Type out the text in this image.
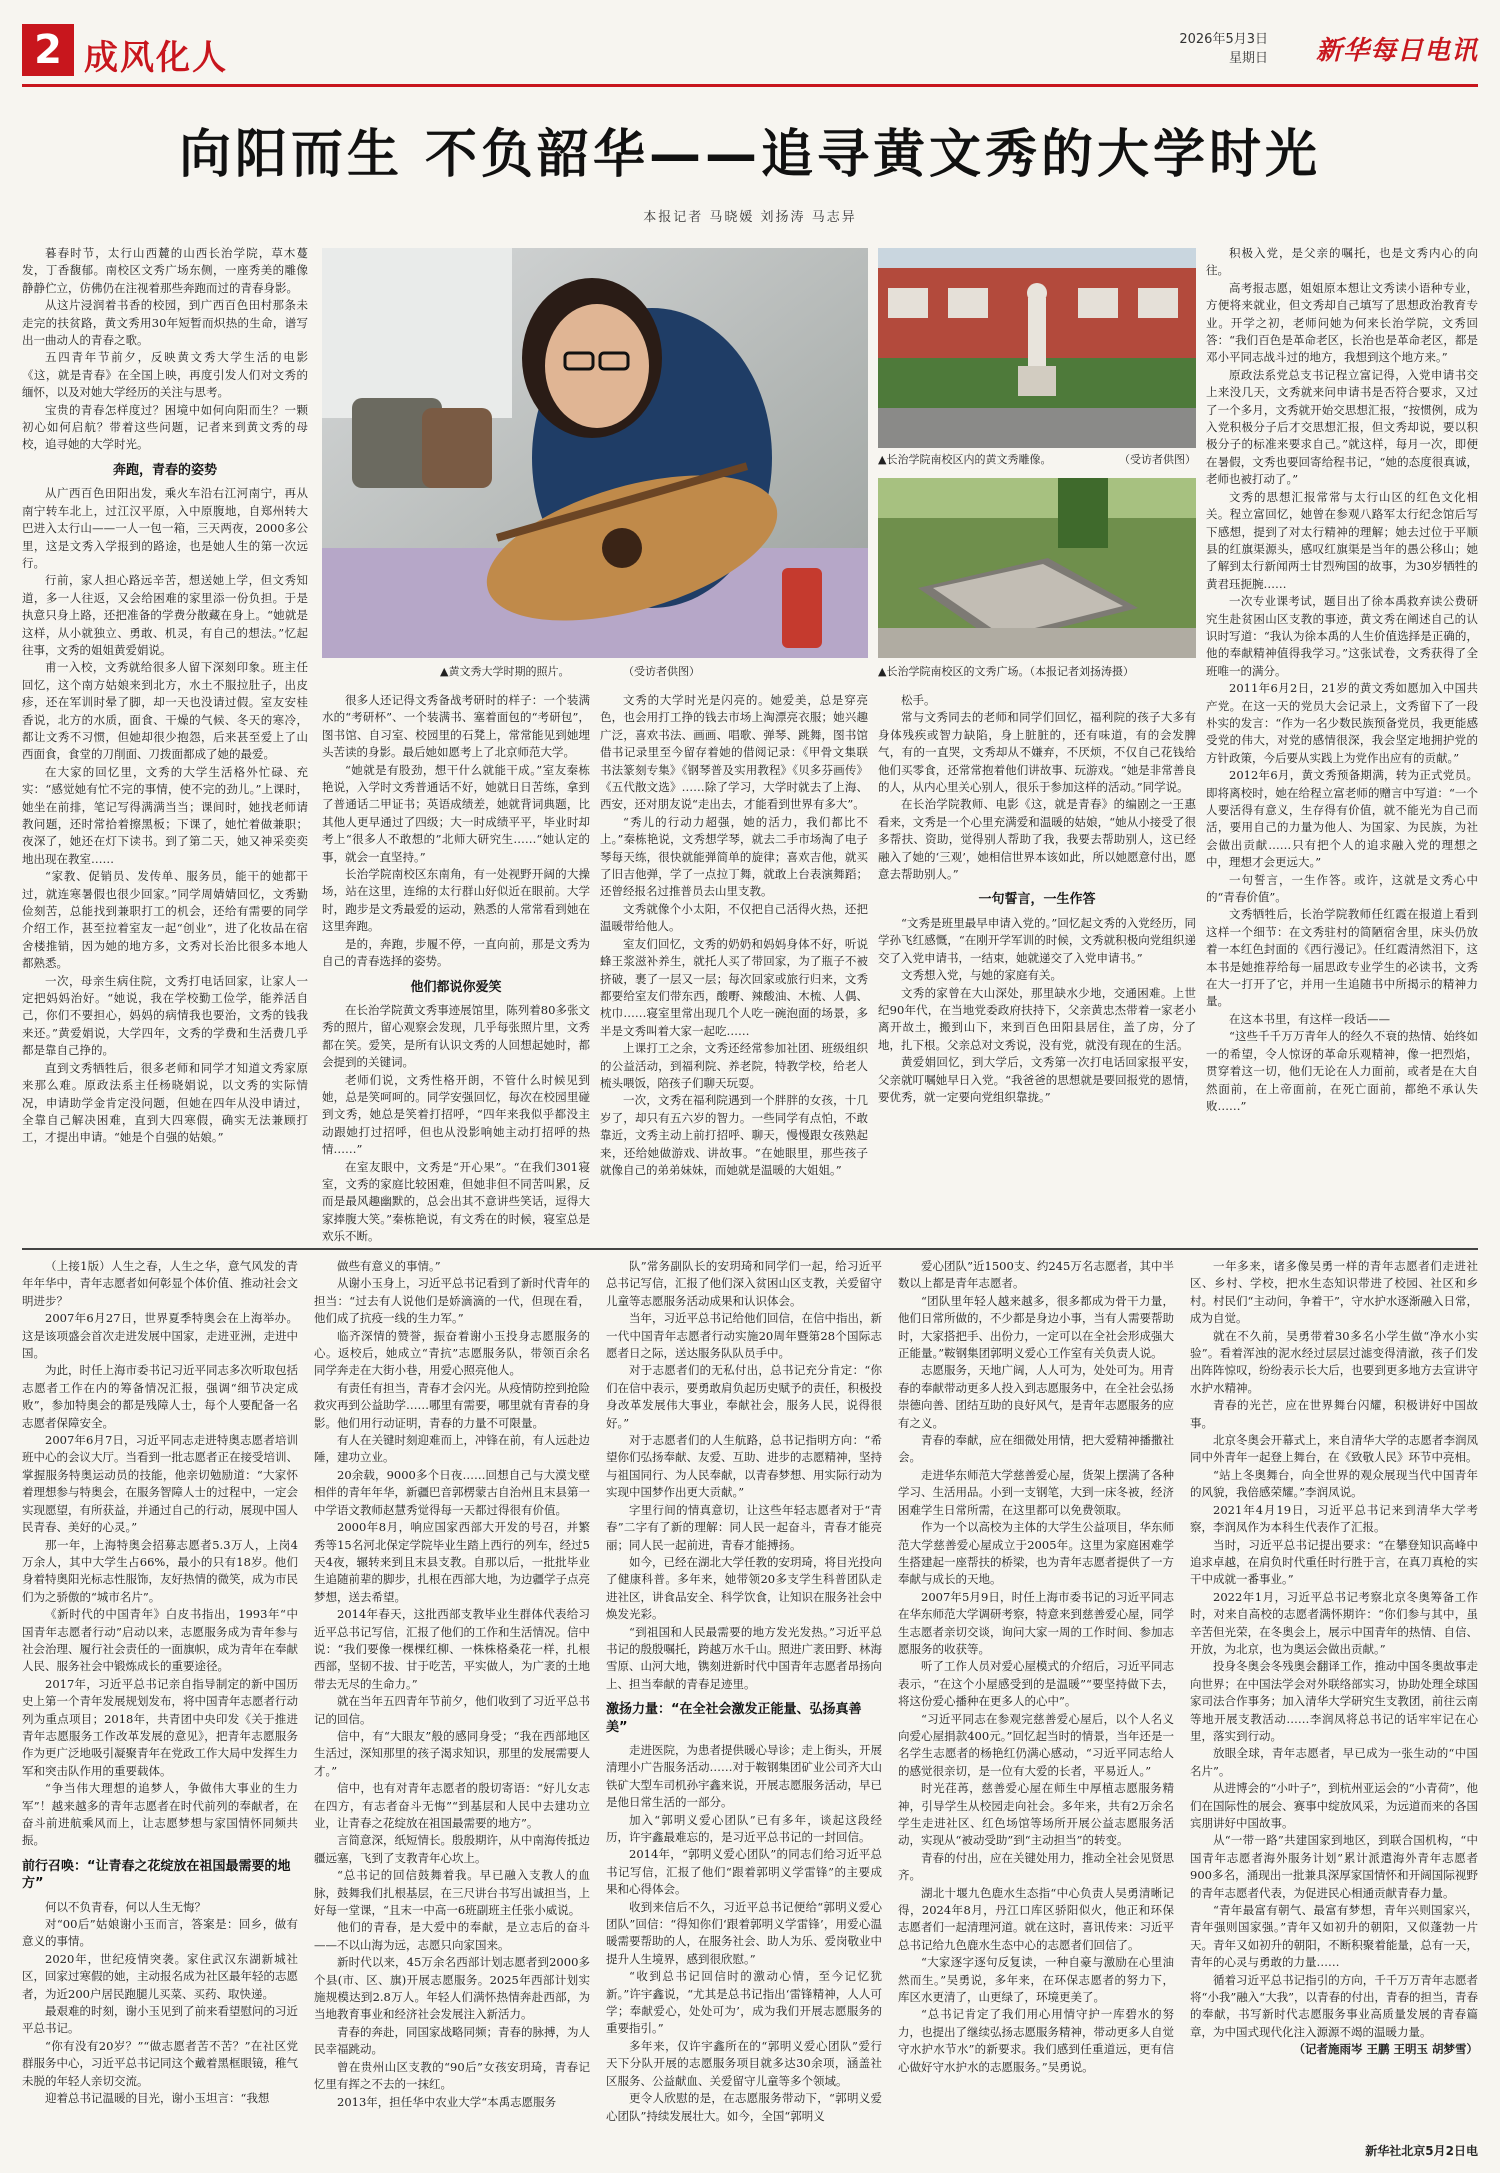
2 成风化人	2026年5月3日
星期日 新华每日电讯
向阳而生 不负韶华——追寻黄文秀的大学时光
本报记者 马晓媛 刘扬涛 马志异

暮春时节，太行山西麓的山西长治学院，草木蔓发，丁香馥郁。南校区文秀广场东侧，一座秀美的雕像静静伫立，仿佛仍在注视着那些奔跑而过的青春身影。

从这片浸润着书香的校园，到广西百色田村那条未走完的扶贫路，黄文秀用30年短暂而炽热的生命，谱写出一曲动人的青春之歌。

五四青年节前夕，反映黄文秀大学生活的电影《这，就是青春》在全国上映，再度引发人们对文秀的缅怀，以及对她大学经历的关注与思考。

宝贵的青春怎样度过？困境中如何向阳而生？一颗初心如何启航？带着这些问题，记者来到黄文秀的母校，追寻她的大学时光。

奔跑，青春的姿势

从广西百色田阳出发，乘火车沿右江河南宁，再从南宁转车北上，过江汉平原，入中原腹地，自郑州转大巴进入太行山——一人一包一箱，三天两夜，2000多公里，这是文秀入学报到的路途，也是她人生的第一次远行。

行前，家人担心路远辛苦，想送她上学，但文秀知道，多一人往返，又会给困难的家里添一份负担。于是执意只身上路，还把准备的学费分散藏在身上。“她就是这样，从小就独立、勇敢、机灵，有自己的想法。”忆起往事，文秀的姐姐黄爱娟说。

甫一入校，文秀就给很多人留下深刻印象。班主任回忆，这个南方姑娘来到北方，水土不服拉肚子，出皮疹，还在军训时晕了脚，却一天也没请过假。室友安桂香说，北方的水质，面食、干燥的气候、冬天的寒冷，都让文秀不习惯，但她却很少抱怨，后来甚至爱上了山西面食，食堂的刀削面、刀拨面都成了她的最爱。

在大家的回忆里，文秀的大学生活格外忙碌、充实：“感觉她有忙不完的事情，使不完的劲儿。”上课时，她坐在前排，笔记写得满满当当；课间时，她找老师请教问题，还时常拾着擦黑板；下课了，她忙着做兼职；夜深了，她还在灯下读书。到了第二天，她又神采奕奕地出现在教室……

“家教、促销员、发传单、服务员，能干的她都干过，就连寒暑假也很少回家。”同学周婧婧回忆，文秀勤俭刻苦，总能找到兼职打工的机会，还给有需要的同学介绍工作，甚至拉着室友一起“创业”，进了化妆品在宿舍楼推销，因为她的地方多，文秀对长治比很多本地人都熟悉。

一次，母亲生病住院，文秀打电话回家，让家人一定把妈妈治好。“她说，我在学校勤工俭学，能养活自己，你们不要担心，妈妈的病情我也要治，文秀的钱我来还。”黄爱娟说，大学四年，文秀的学费和生活费几乎都是靠自己挣的。

直到文秀牺牲后，很多老师和同学才知道文秀家原来那么难。原政法系主任杨晓娟说，以文秀的实际情况，申请助学金肯定没问题，但她在四年从没申请过，全靠自己解决困难，直到大四寒假，确实无法兼顾打工，才提出申请。“她是个自强的姑娘。”

▲黄文秀大学时期的照片。	（受访者供图）
▲长治学院南校区内的黄文秀雕像。	（受访者供图）
▲长治学院南校区的文秀广场。（本报记者刘扬涛摄）

很多人还记得文秀备战考研时的样子：一个装满水的“考研杯”、一个装满书、塞着面包的“考研包”，图书馆、自习室、校园里的石凳上，常常能见到她埋头苦读的身影。最后她如愿考上了北京师范大学。

“她就是有股劲，想干什么就能干成。”室友秦栋艳说，入学时文秀普通话不好，她就日日苦练，拿到了普通话二甲证书；英语成绩差，她就背词典题，比其他人更早通过了四级；大一时成绩平平，毕业时却考上“很多人不敢想的”北师大研究生……“她认定的事，就会一直坚持。”

长治学院南校区东南角，有一处视野开阔的大操场，站在这里，连绵的太行群山好似近在眼前。大学时，跑步是文秀最爱的运动，熟悉的人常常看到她在这里奔跑。

是的，奔跑，步履不停，一直向前，那是文秀为自己的青春选择的姿势。

他们都说你爱笑

在长治学院黄文秀事迹展馆里，陈列着80多张文秀的照片，留心观察会发现，几乎每张照片里，文秀都在笑。爱笑，是所有认识文秀的人回想起她时，都会提到的关键词。

老师们说，文秀性格开朗，不管什么时候见到她，总是笑呵呵的。同学安强回忆，每次在校园里碰到文秀，她总是笑着打招呼，“四年来我似乎都没主动跟她打过招呼，但也从没影响她主动打招呼的热情……”

在室友眼中，文秀是“开心果”。“在我们301寝室，文秀的家庭比较困难，但她非但不同苦叫累，反而是最风趣幽默的，总会出其不意讲些笑话，逗得大家捧腹大笑。”秦栋艳说，有文秀在的时候，寝室总是欢乐不断。

文秀的大学时光是闪亮的。她爱美，总是穿亮色，也会用打工挣的钱去市场上淘漂亮衣服；她兴趣广泛，喜欢书法、画画、唱歌、弹琴、跳舞，图书馆借书记录里至今留存着她的借阅记录：《甲骨文集联书法篆刻专集》《钢琴普及实用教程》《贝多芬画传》《五代散文选》……除了学习，大学时就去了上海、西安，还对朋友说“走出去，才能看到世界有多大”。

“秀儿的行动力超强，她的活力，我们都比不上。”秦栋艳说，文秀想学琴，就去二手市场淘了电子琴每天练，很快就能弹简单的旋律；喜欢吉他，就买了旧吉他弹，学了一点拉丁舞，就敢上台表演舞蹈；还曾经报名过推普员去山里支教。

文秀就像个小太阳，不仅把自己活得火热，还把温暖带给他人。

室友们回忆，文秀的奶奶和妈妈身体不好，听说蜂王浆滋补养生，就托人买了带回家，为了瓶子不被挤破，裹了一层又一层；每次回家或旅行归来，文秀都要给室友们带东西，酸嘢、辣酸油、木梳、人偶、枕巾……寝室里常出现几个人吃一碗泡面的场景，多半是文秀叫着大家一起吃……

上课打工之余，文秀还经常参加社团、班级组织的公益活动，到福利院、养老院，特教学校，给老人梳头喂饭，陪孩子们聊天玩耍。

一次，文秀在福利院遇到一个胖胖的女孩，十几岁了，却只有五六岁的智力。一些同学有点怕，不敢靠近，文秀主动上前打招呼、聊天，慢慢跟女孩熟起来，还给她做游戏、讲故事。“在她眼里，那些孩子就像自己的弟弟妹妹，而她就是温暖的大姐姐。”

松手。

常与文秀同去的老师和同学们回忆，福利院的孩子大多有身体残疾或智力缺陷，身上脏脏的，还有味道，有的会发脾气，有的一直哭，文秀却从不嫌弃，不厌烦，不仅自己花钱给他们买零食，还常常抱着他们讲故事、玩游戏。“她是非常善良的人，从内心里关心别人，很乐于参加这样的活动。”同学说。

在长治学院教师、电影《这，就是青春》的编剧之一王惠看来，文秀是一个心里充满爱和温暖的姑娘，“她从小接受了很多帮扶、资助，觉得别人帮助了我，我要去帮助别人，这已经融入了她的‘三观’，她相信世界本该如此，所以她愿意付出，愿意去帮助别人。”

一句誓言，一生作答

“文秀是班里最早申请入党的。”回忆起文秀的入党经历，同学孙飞红感慨，“在刚开学军训的时候，文秀就积极向党组织递交了入党申请书，一结束，她就递交了入党申请书。”

文秀想入党，与她的家庭有关。

文秀的家曾在大山深处，那里缺水少地，交通困难。上世纪90年代，在当地党委政府扶持下，父亲黄忠杰带着一家老小离开故土，搬到山下，来到百色田阳县居住，盖了房，分了地，扎下根。父亲总对文秀说，没有党，就没有现在的生活。

黄爱娟回忆，到大学后，文秀第一次打电话回家报平安，父亲就叮嘱她早日入党。“我爸爸的思想就是要回报党的恩情，要优秀，就一定要向党组织靠拢。”

积极入党，是父亲的嘱托，也是文秀内心的向往。

高考报志愿，姐姐原本想让文秀读小语种专业，方便将来就业，但文秀却自己填写了思想政治教育专业。开学之初，老师问她为何来长治学院，文秀回答：“我们百色是革命老区，长治也是革命老区，都是邓小平同志战斗过的地方，我想到这个地方来。”

原政法系党总支书记程立富记得，入党申请书交上来没几天，文秀就来问申请书是否符合要求，又过了一个多月，文秀就开始交思想汇报，“按惯例，成为入党积极分子后才交思想汇报，但文秀却说，要以积极分子的标准来要求自己。”就这样，每月一次，即便在暑假，文秀也要回寄给程书记，“她的态度很真诚，老师也被打动了。”

文秀的思想汇报常常与太行山区的红色文化相关。程立富回忆，她曾在参观八路军太行纪念馆后写下感想，提到了对太行精神的理解；她去过位于平顺县的红旗渠源头，感叹红旗渠是当年的愚公移山；她了解到太行新闻两士甘烈殉国的故事，为30岁牺牲的黄君珏扼腕……

一次专业课考试，题目出了徐本禹救弃读公费研究生赴贫困山区支教的事迹，黄文秀在阐述自己的认识时写道：“我认为徐本禹的人生价值选择是正确的，他的奉献精神值得我学习。”这张试卷，文秀获得了全班唯一的满分。

2011年6月2日，21岁的黄文秀如愿加入中国共产党。在这一天的党员大会记录上，文秀留下了一段朴实的发言：“作为一名少数民族预备党员，我更能感受党的伟大，对党的感情很深，我会坚定地拥护党的方针政策，今后要从实践上为党作出应有的贡献。”

2012年6月，黄文秀预备期满，转为正式党员。即将离校时，她在给程立富老师的赠言中写道：“一个人要活得有意义，生存得有价值，就不能光为自己而活，要用自己的力量为他人、为国家、为民族，为社会做出贡献……只有把个人的追求融入党的理想之中，理想才会更远大。”

一句誓言，一生作答。或许，这就是文秀心中的“青春价值”。

文秀牺牲后，长治学院教师任红霞在报道上看到这样一个细节：在文秀驻村的简陋宿舍里，床头仍放着一本红色封面的《西行漫记》。任红霞清然泪下，这本书是她推荐给每一届思政专业学生的必读书，文秀在大一打开了它，并用一生追随书中所揭示的精神力量。

在这本书里，有这样一段话——

“这些千千万万青年人的经久不衰的热情、始终如一的希望，令人惊讶的革命乐观精神，像一把烈焰，贯穿着这一切，他们无论在人力面前，或者是在大自然面前，在上帝面前，在死亡面前，都绝不承认失败……”

（上接1版）人生之春，人生之华，意气风发的青年年华中，青年志愿者如何彰显个体价值、推动社会文明进步？

2007年6月27日，世界夏季特奥会在上海举办。这是该项盛会首次走进发展中国家，走进亚洲，走进中国。

为此，时任上海市委书记习近平同志多次听取包括志愿者工作在内的筹备情况汇报，强调“细节决定成败”，参加特奥会的都是残障人士，每个人要配备一名志愿者保障安全。

2007年6月7日，习近平同志走进特奥志愿者培训班中心的会议大厅。当看到一批志愿者正在接受培训、掌握服务特奥运动员的技能，他亲切勉励道：“大家怀着理想参与特奥会，在服务智障人士的过程中，一定会实现愿望，有所获益，并通过自己的行动，展现中国人民青春、美好的心灵。”

那一年，上海特奥会招募志愿者5.3万人，上岗4万余人，其中大学生占66%，最小的只有18岁。他们身着特奥阳光标志性服饰，友好热情的微笑，成为市民们为之骄傲的“城市名片”。

《新时代的中国青年》白皮书指出，1993年“中国青年志愿者行动”启动以来，志愿服务成为青年参与社会治理、履行社会责任的一面旗帜，成为青年在奉献人民、服务社会中锻炼成长的重要途径。

2017年，习近平总书记亲自指导制定的新中国历史上第一个青年发展规划发布，将中国青年志愿者行动列为重点项目；2018年，共青团中央印发《关于推进青年志愿服务工作改革发展的意见》，把青年志愿服务作为更广泛地吸引凝聚青年在党政工作大局中发挥生力军和突击队作用的重要载体。

“争当伟大理想的追梦人，争做伟大事业的生力军”！越来越多的青年志愿者在时代前列的奉献者，在奋斗前进航乘风而上，让志愿梦想与家国情怀同频共振。

前行召唤：“让青春之花绽放在祖国最需要的地方”

何以不负青春，何以人生无悔？

对“00后”姑娘谢小玉而言，答案是：回乡，做有意义的事情。

2020年，世纪疫情突袭。家住武汉东湖新城社区，回家过寒假的她，主动报名成为社区最年轻的志愿者，为近200户居民跑腿儿买菜、买药、取快递。

最艰难的时刻，谢小玉见到了前来看望慰问的习近平总书记。

“你有没有20岁？”“做志愿者苦不苦？”在社区党群服务中心，习近平总书记同这个戴着黑框眼镜，稚气未脱的年轻人亲切交流。

迎着总书记温暖的目光，谢小玉坦言：“我想

做些有意义的事情。”

从谢小玉身上，习近平总书记看到了新时代青年的担当：“过去有人说他们是娇滴滴的一代，但现在看，他们成了抗疫一线的生力军。”

临齐深情的赞誉，振奋着谢小玉投身志愿服务的心。返校后，她成立“青抗”志愿服务队，带领百余名同学奔走在大街小巷，用爱心照亮他人。

有责任有担当，青春才会闪光。从疫情防控到抢险救灾再到公益助学……哪里有需要，哪里就有青春的身影。他们用行动证明，青春的力量不可限量。

有人在关键时刻迎难而上，冲锋在前，有人远赴边陲，建功立业。

20余载，9000多个日夜……回想自己与大漠戈壁相伴的青年年华，新疆巴音郭楞蒙古自治州且末县第一中学语文教师赵慧秀觉得每一天都过得很有价值。

2000年8月，响应国家西部大开发的号召，并繁秀等15名河北保定学院毕业生踏上西行的列车，经过5天4夜，辗转来到且末县支教。自那以后，一批批毕业生追随前辈的脚步，扎根在西部大地，为边疆学子点亮梦想，送去希望。

2014年春天，这批西部支教毕业生群体代表给习近平总书记写信，汇报了他们的工作和生活情况。信中说：“我们要像一棵棵红柳、一株株格桑花一样，扎根西部，坚韧不拔、甘于吃苦，平实做人，为广袤的土地带去无尽的生命力。”

就在当年五四青年节前夕，他们收到了习近平总书记的回信。

信中，有“大眼友”般的感同身受；“我在西部地区生活过，深知那里的孩子渴求知识，那里的发展需要人才。”

信中，也有对青年志愿者的殷切寄语：“好儿女志在四方，有志者奋斗无悔”“到基层和人民中去建功立业，让青春之花绽放在祖国最需要的地方”。

言简意深，纸短情长。殷殷期许，从中南海传抵边疆远塞，飞到了支教青年心坎上。

“总书记的回信鼓舞着我。早已融入支教人的血脉，鼓舞我们扎根基层，在三尺讲台书写出诚担当，上好每一堂课，“且末一中高一6班副班主任张小威说。

他们的青春，是大爱中的奉献，是立志后的奋斗——不以山海为远，志愿只向家国来。

新时代以来，45万余名西部计划志愿者到2000多个县(市、区、旗)开展志愿服务。2025年西部计划实施规模达到2.8万人。年轻人们满怀热情奔赴西部，为当地教育事业和经济社会发展注入新活力。

青春的奔赴，同国家战略同频；青春的脉搏，为人民幸福跳动。

曾在贵州山区支教的“90后”女孩安玥琦，青春记忆里有挥之不去的一抹红。

2013年，担任华中农业大学“本禹志愿服务

队”常务副队长的安玥琦和同学们一起，给习近平总书记写信，汇报了他们深入贫困山区支教，关爱留守儿童等志愿服务活动成果和认识体会。

当年，习近平总书记给他们回信，在信中指出，新一代中国青年志愿者行动实施20周年暨第28个国际志愿者日之际，送达服务队队员手中。

对于志愿者们的无私付出，总书记充分肯定：“你们在信中表示，要勇敢肩负起历史赋予的责任，积极投身改革发展伟大事业，奉献社会，服务人民，说得很好。”

对于志愿者们的人生航路，总书记指明方向：“希望你们弘扬奉献、友爱、互助、进步的志愿精神，坚持与祖国同行、为人民奉献，以青春梦想、用实际行动为实现中国梦作出更大贡献。”

字里行间的情真意切，让这些年轻志愿者对于“青春”二字有了新的理解：同人民一起奋斗，青春才能亮丽；同人民一起前进，青春才能搏扬。

如今，已经在湖北大学任教的安玥琦，将目光投向了健康科普。多年来，她带领20多支学生科普团队走进社区，讲食品安全、科学饮食，让知识在服务社会中焕发光彩。

“到祖国和人民最需要的地方发光发热。”习近平总书记的殷殷嘱托，跨越万水千山。照进广袤田野、林海雪原、山河大地，镌刻进新时代中国青年志愿者昂扬向上、担当奉献的青春足迹里。

激扬力量：“在全社会激发正能量、弘扬真善美”

走进医院，为患者提供暖心导诊；走上街头，开展清理小广告服务活动……对于鞍钢集团矿业公司齐大山铁矿大型车司机孙宇鑫来说，开展志愿服务活动，早已是他日常生活的一部分。

加入“郭明义爱心团队”已有多年，谈起这段经历，许宇鑫最难忘的，是习近平总书记的一封回信。

2014年，“郭明义爱心团队”的同志们给习近平总书记写信，汇报了他们“跟着郭明义学雷锋”的主要成果和心得体会。

收到来信后不久，习近平总书记便给“郭明义爱心团队”回信：“得知你们‘跟着郭明义学雷锋’，用爱心温暖需要帮助的人，在服务社会、助人为乐、爱岗敬业中提升人生境界，感到很欣慰。”

“收到总书记回信时的激动心情，至今记忆犹新。”许宇鑫说，“尤其是总书记指出‘雷锋精神，人人可学；奉献爱心，处处可为’，成为我们开展志愿服务的重要指引。”

多年来，仅许宇鑫所在的“郭明义爱心团队”爱行天下分队开展的志愿服务项目就多达30余项，涵盖社区服务、公益献血、关爱留守儿童等多个领域。

更令人欣慰的是，在志愿服务带动下，“郭明义爱心团队”持续发展壮大。如今，全国“郭明义

爱心团队”近1500支、约245万名志愿者，其中半数以上都是青年志愿者。

“团队里年轻人越来越多，很多都成为骨干力量，他们日常所做的，不少都是身边小事，当有人需要帮助时，大家搭把手、出份力，一定可以在全社会形成强大正能量。”鞍钢集团郭明义爱心工作室有关负责人说。

志愿服务，天地广阔，人人可为，处处可为。用青春的奉献带动更多人投入到志愿服务中，在全社会弘扬崇德向善、团结互助的良好风气，是青年志愿服务的应有之义。

青春的奉献，应在细微处用情，把大爱精神播撒社会。

走进华东师范大学慈善爱心屋，货架上摆满了各种学习、生活用品。小到一支钢笔，大到一床冬被，经济困难学生日常所需，在这里都可以免费领取。

作为一个以高校为主体的大学生公益项目，华东师范大学慈善爱心屋成立于2005年。这里为家庭困难学生搭建起一座帮扶的桥梁，也为青年志愿者提供了一方奉献与成长的天地。

2007年5月9日，时任上海市委书记的习近平同志在华东师范大学调研考察，特意来到慈善爱心屋，同学生志愿者亲切交谈，询问大家一周的工作时间、参加志愿服务的收获等。

听了工作人员对爱心屋模式的介绍后，习近平同志表示，“在这个小屋感受到的是温暖”“要坚持做下去，将这份爱心播种在更多人的心中”。

“习近平同志在参观完慈善爱心屋后，以个人名义向爱心屋捐款400元。”回忆起当时的情景，当年还是一名学生志愿者的杨艳红仍满心感动，“习近平同志给人的感觉很亲切，是一位有大爱的长者，平易近人。”

时光荏苒，慈善爱心屋在师生中厚植志愿服务精神，引导学生从校园走向社会。多年来，共有2万余名学生走进社区、红色场馆等场所开展公益志愿服务活动，实现从“被动受助”到“主动担当”的转变。

青春的付出，应在关键处用力，推动全社会见贤思齐。

湖北十堰九色鹿水生态指“中心负责人吴勇清晰记得，2024年8月，丹江口库区骄阳似火，他正和环保志愿者们一起清理河道。就在这时，喜讯传来：习近平总书记给九色鹿水生态中心的志愿者们回信了。

“大家逐字逐句反复读，一种自豪与激励在心里油然而生。”吴勇说，多年来，在环保志愿者的努力下，库区水更清了，山更绿了，环境更美了。

“总书记肯定了我们用心用情守护一库碧水的努力，也提出了继续弘扬志愿服务精神，带动更多人自觉守水护水节水”的新要求。我们感到任重道远，更有信心做好守水护水的志愿服务。”吴勇说。

一年多来，诸多像吴勇一样的青年志愿者们走进社区、乡村、学校，把水生态知识带进了校园、社区和乡村。村民们“主动问，争着干”，守水护水逐渐融入日常，成为自觉。

就在不久前，吴勇带着30多名小学生做“净水小实验”。看着浑浊的泥水经过层层过滤变得清澈，孩子们发出阵阵惊叹，纷纷表示长大后，也要到更多地方去宣讲守水护水精神。

青春的光芒，应在世界舞台闪耀，积极讲好中国故事。

北京冬奥会开幕式上，来自清华大学的志愿者李润凤同中外青年一起登上舞台，在《致敬人民》环节中亮相。

“站上冬奥舞台，向全世界的观众展现当代中国青年的风貌，我倍感荣耀。”李润凤说。

2021年4月19日，习近平总书记来到清华大学考察，李润凤作为本科生代表作了汇报。

当时，习近平总书记提出要求：“在攀登知识高峰中追求卓越，在肩负时代重任时行胜于言，在真刀真枪的实干中成就一番事业。”

2022年1月，习近平总书记考察北京冬奥筹备工作时，对来自高校的志愿者满怀期许：“你们参与其中，虽辛苦但光荣，在冬奥会上，展示中国青年的热情、自信、开放，为北京，也为奥运会做出贡献。”

投身冬奥会冬残奥会翻译工作，推动中国冬奥故事走向世界；在中国法学会对外联络部实习，协助处理全球国家司法合作事务；加入清华大学研究生支教团，前往云南等地开展支教活动……李润凤将总书记的话牢牢记在心里，落实到行动。

放眼全球，青年志愿者，早已成为一张生动的“中国名片”。

从进博会的“小叶子”，到杭州亚运会的“小青荷”，他们在国际性的展会、赛事中绽放风采，为远道而来的各国宾朋讲好中国故事。

从“一带一路”共建国家到地区，到联合国机构，“中国青年志愿者海外服务计划”累计派遣海外青年志愿者900多名，涌现出一批兼具深厚家国情怀和开阔国际视野的青年志愿者代表，为促进民心相通贡献青春力量。

“青年最富有朝气、最富有梦想，青年兴则国家兴，青年强则国家强。”青年又如初升的朝阳，又似蓬勃一片天。青年又如初升的朝阳，不断积聚着能量，总有一天，青年的心灵与勇敢的力量……

循着习近平总书记指引的方向，千千万万青年志愿者将“小我”融入“大我”，以青春的付出，青春的担当，青春的奉献，书写新时代志愿服务事业高质量发展的青春篇章，为中国式现代化注入源源不竭的温暖力量。

（记者施雨岑 王鹏 王明玉 胡梦雪）

新华社北京5月2日电
